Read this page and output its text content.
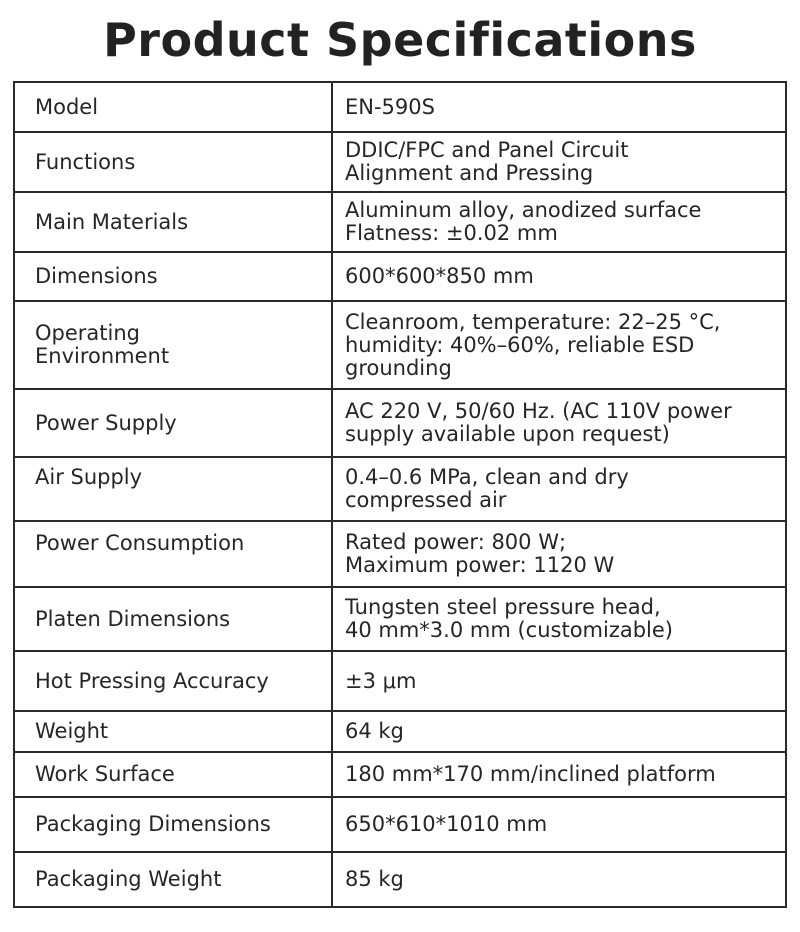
Product Specifications
Model	EN-590S
Functions	DDIC/FPC and Panel Circuit
Alignment and Pressing
Main Materials	Aluminum alloy, anodized surface
Flatness: ±0.02 mm
Dimensions	600*600*850 mm
Operating
Environment	Cleanroom, temperature: 22–25 °C,
humidity: 40%–60%, reliable ESD
grounding
Power Supply	AC 220 V, 50/60 Hz. (AC 110V power
supply available upon request)
Air Supply	0.4–0.6 MPa, clean and dry
compressed air
Power Consumption	Rated power: 800 W;
Maximum power: 1120 W
Platen Dimensions	Tungsten steel pressure head,
40 mm*3.0 mm (customizable)
Hot Pressing Accuracy	±3 μm
Weight	64 kg
Work Surface	180 mm*170 mm/inclined platform
Packaging Dimensions	650*610*1010 mm
Packaging Weight	85 kg
